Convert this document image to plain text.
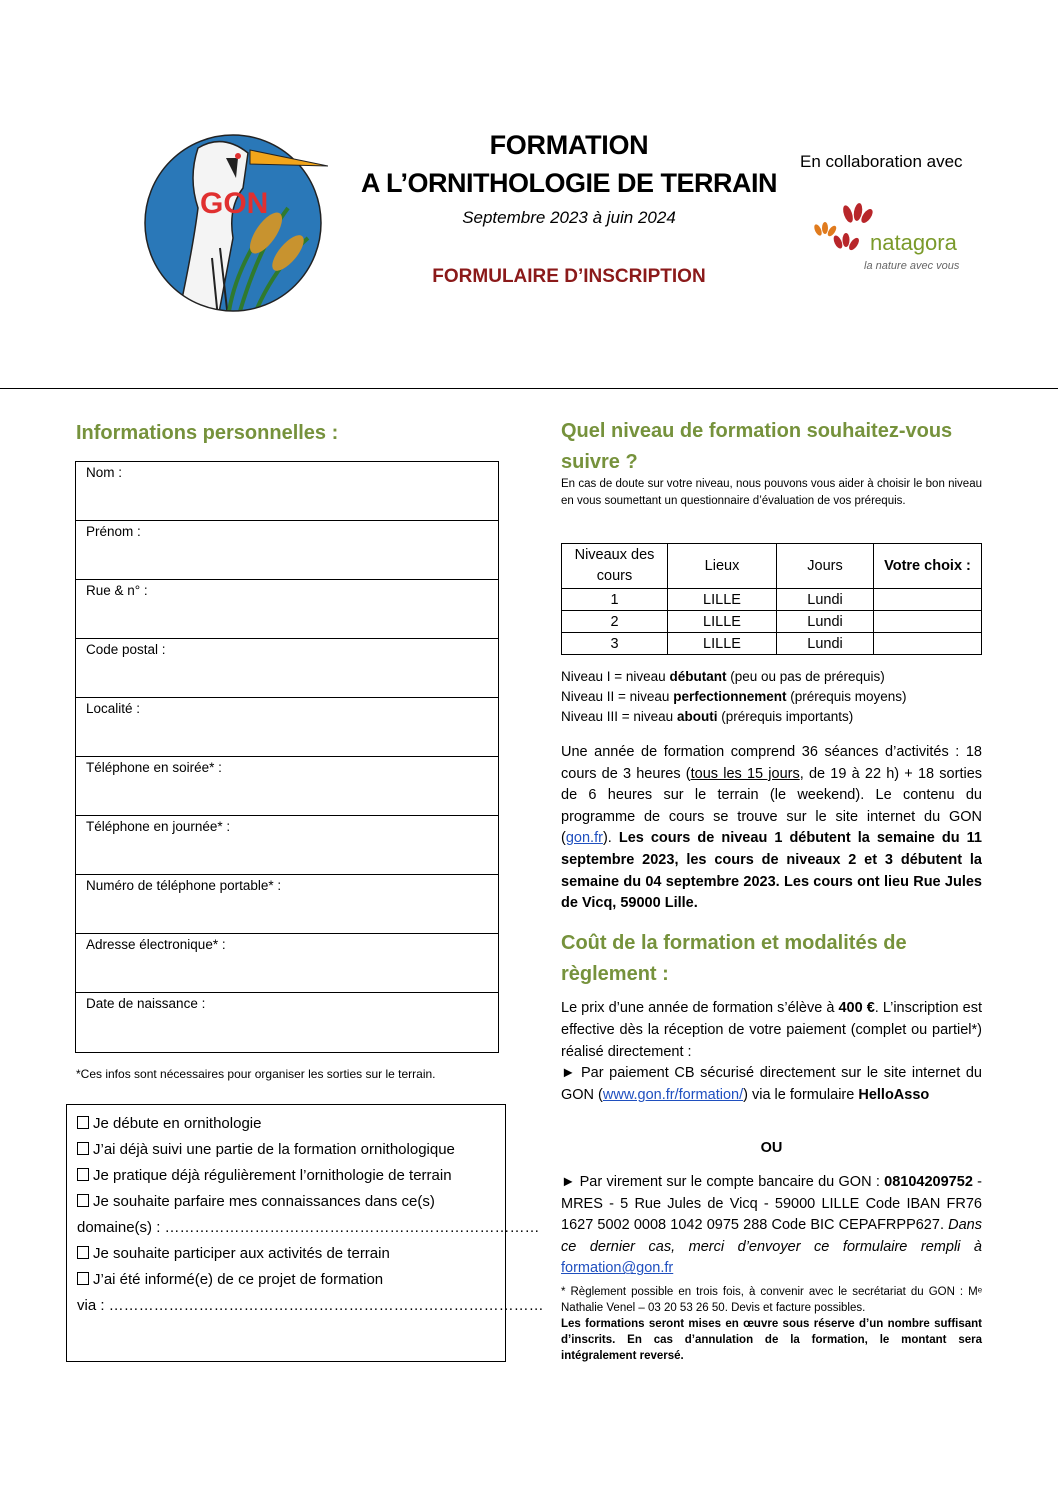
GON
FORMATION
A L’ORNITHOLOGIE DE TERRAIN
Septembre 2023 à juin 2024
FORMULAIRE D’INSCRIPTION
En collaboration avec
natagora
la nature avec vous
Informations personnelles :
Nom :
Prénom :
Rue & n° :
Code postal :
Localité :
Téléphone en soirée* :
Téléphone en journée* :
Numéro de téléphone portable* :
Adresse électronique* :
Date de naissance :
*Ces infos sont nécessaires pour organiser les sorties sur le terrain.
Je débute en ornithologie
J’ai déjà suivi une partie de la formation ornithologique
Je pratique déjà régulièrement l’ornithologie de terrain
Je souhaite parfaire mes connaissances dans ce(s)
domaine(s) : …………………………………………………………………
Je souhaite participer aux activités de terrain
J’ai été informé(e) de ce projet de formation
via : ……………………………………………………………………………
Quel niveau de formation souhaitez-vous suivre ?
En cas de doute sur votre niveau, nous pouvons vous aider à choisir le bon niveau en vous soumettant un questionnaire d’évaluation de vos prérequis.
Niveaux des cours	Lieux	Jours	Votre choix :
1	LILLE	Lundi	
2	LILLE	Lundi	
3	LILLE	Lundi	
Niveau I = niveau débutant (peu ou pas de prérequis)
Niveau II = niveau perfectionnement (prérequis moyens)
Niveau III = niveau abouti (prérequis importants)
Une année de formation comprend 36 séances d’activités : 18 cours de 3 heures (tous les 15 jours, de 19 à 22 h) + 18 sorties de 6 heures sur le terrain (le weekend). Le contenu du programme de cours se trouve sur le site internet du GON (gon.fr). Les cours de niveau 1 débutent la semaine du 11 septembre 2023, les cours de niveaux 2 et 3 débutent la semaine du 04 septembre 2023. Les cours ont lieu Rue Jules de Vicq, 59000 Lille.
Coût de la formation et modalités de règlement :
Le prix d’une année de formation s’élève à 400 €. L’inscription est effective dès la réception de votre paiement (complet ou partiel*) réalisé directement :
► Par paiement CB sécurisé directement sur le site internet du GON (www.gon.fr/formation/) via le formulaire HelloAsso
OU
► Par virement sur le compte bancaire du GON : 08104209752 - MRES - 5 Rue Jules de Vicq - 59000 LILLE Code IBAN FR76 1627 5002 0008 1042 0975 288 Code BIC CEPAFRPP627. Dans ce dernier cas, merci d’envoyer ce formulaire rempli à formation@gon.fr
* Règlement possible en trois fois, à convenir avec le secrétariat du GON : Mᵉ Nathalie Venel – 03 20 53 26 50. Devis et facture possibles.
Les formations seront mises en œuvre sous réserve d’un nombre suffisant d’inscrits. En cas d’annulation de la formation, le montant sera intégralement reversé.
